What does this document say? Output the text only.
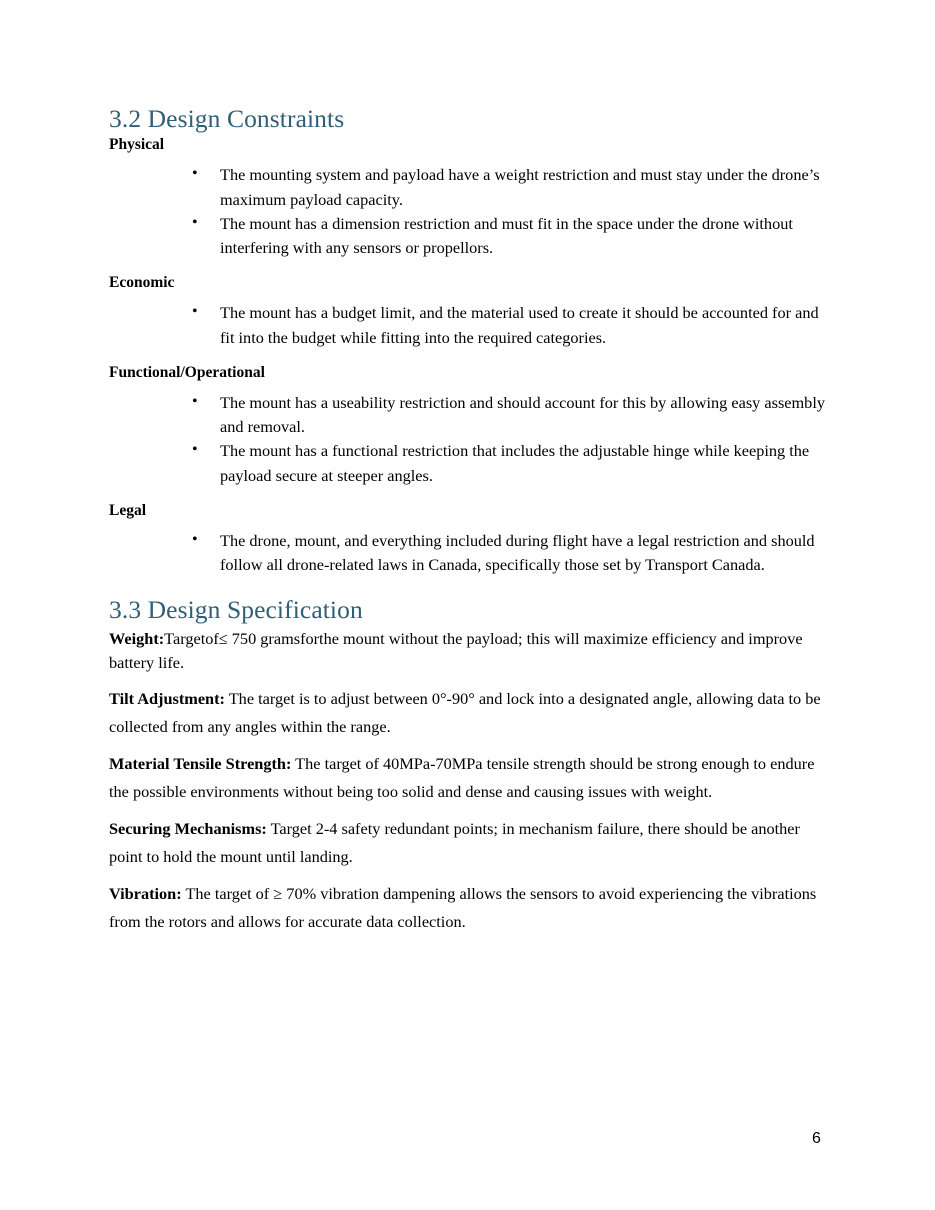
3.2 Design Constraints
Physical
• The mounting system and payload have a weight restriction and must stay under the drone’s maximum payload capacity.
• The mount has a dimension restriction and must fit in the space under the drone without interfering with any sensors or propellors.
Economic
• The mount has a budget limit, and the material used to create it should be accounted for and fit into the budget while fitting into the required categories.
Functional/Operational
• The mount has a useability restriction and should account for this by allowing easy assembly and removal.
• The mount has a functional restriction that includes the adjustable hinge while keeping the payload secure at steeper angles.
Legal
• The drone, mount, and everything included during flight have a legal restriction and should follow all drone-related laws in Canada, specifically those set by Transport Canada.
3.3 Design Specification

Weight:Targetof≤ 750 gramsforthe mount without the payload; this will maximize efficiency and improve battery life.

Tilt Adjustment: The target is to adjust between 0°-90° and lock into a designated angle, allowing data to be collected from any angles within the range.

Material Tensile Strength: The target of 40MPa-70MPa tensile strength should be strong enough to endure the possible environments without being too solid and dense and causing issues with weight.

Securing Mechanisms: Target 2-4 safety redundant points; in mechanism failure, there should be another point to hold the mount until landing.

Vibration: The target of ≥ 70% vibration dampening allows the sensors to avoid experiencing the vibrations from the rotors and allows for accurate data collection.

6
